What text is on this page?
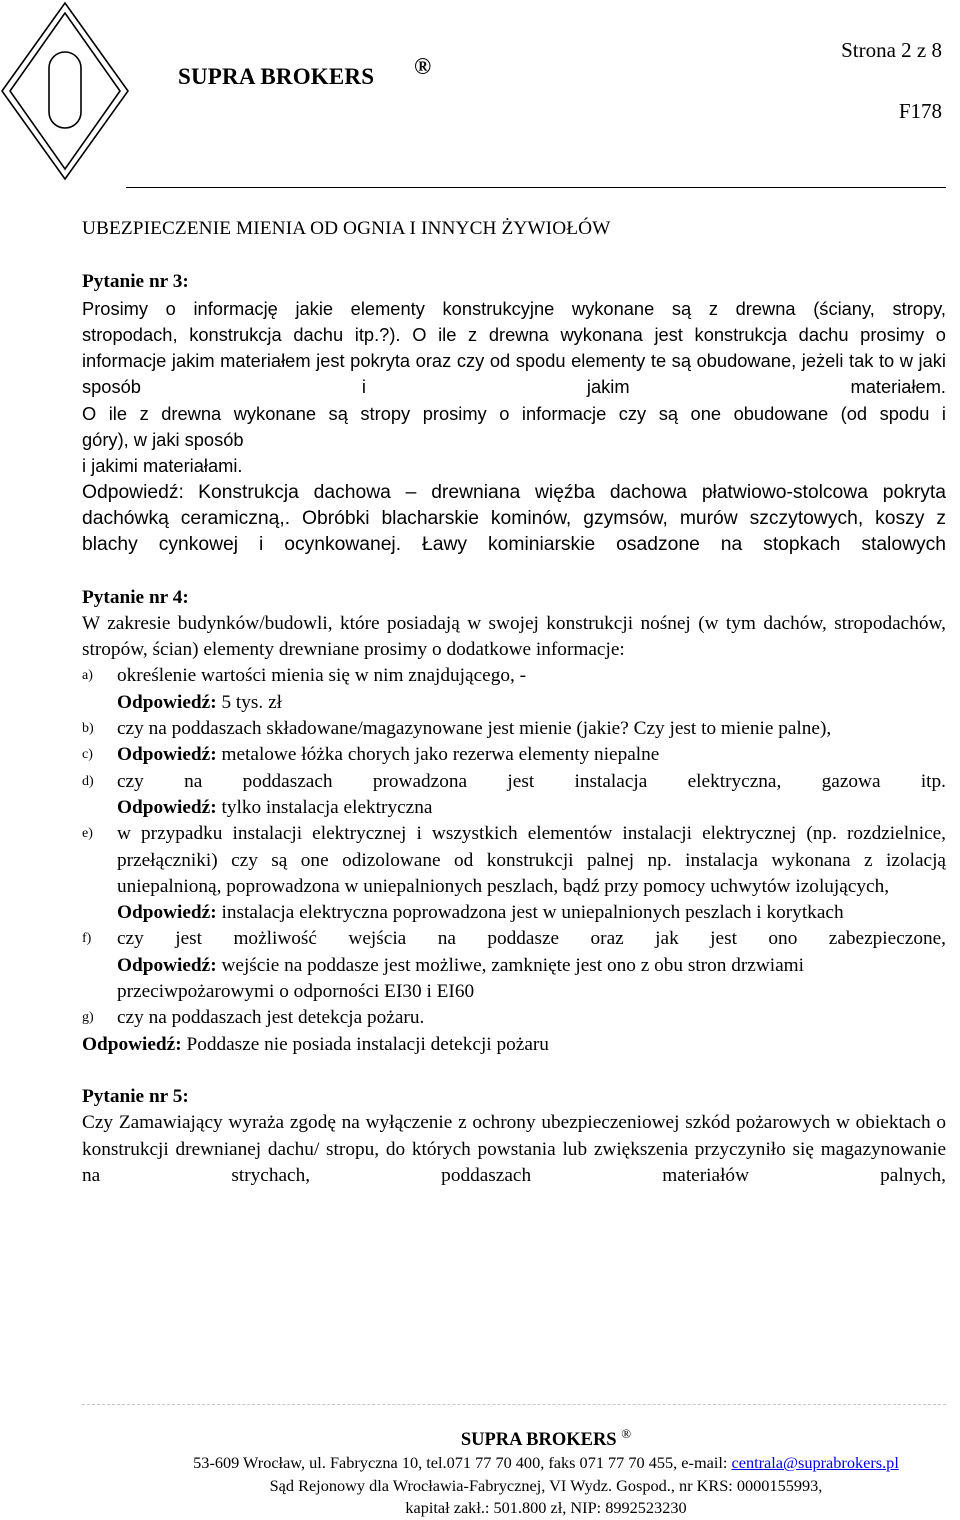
SUPRA BROKERS ®
Strona 2 z 8
F178

UBEZPIECZENIE MIENIA OD OGNIA I INNYCH ŻYWIOŁÓW

Pytanie nr 3:

Prosimy o informację jakie elementy konstrukcyjne wykonane są z drewna (ściany, stropy,

stropodach, konstrukcja dachu itp.?). O ile z drewna wykonana jest konstrukcja dachu prosimy o informacje jakim materiałem jest pokryta oraz czy od spodu elementy te są obudowane, jeżeli tak to w jaki sposób i jakim materiałem.

O ile z drewna wykonane są stropy prosimy o informacje czy są one obudowane (od spodu i

góry), w jaki sposób

i jakimi materiałami.

Odpowiedź: Konstrukcja dachowa – drewniana więźba dachowa płatwiowo-stolcowa pokryta dachówką ceramiczną,. Obróbki blacharskie kominów, gzymsów, murów szczytowych, koszy z blachy cynkowej i ocynkowanej. Ławy kominiarskie osadzone na stopkach stalowych

Pytanie nr 4:

W zakresie budynków/budowli, które posiadają w swojej konstrukcji nośnej (w tym dachów, stropodachów, stropów, ścian) elementy drewniane prosimy o dodatkowe informacje:

a) określenie wartości mienia się w nim znajdującego, -
Odpowiedź: 5 tys. zł
b) czy na poddaszach składowane/magazynowane jest mienie (jakie? Czy jest to mienie palne),
c) Odpowiedź: metalowe łóżka chorych jako rezerwa elementy niepalne
d) czy na poddaszach prowadzona jest instalacja elektryczna, gazowa itp.
Odpowiedź: tylko instalacja elektryczna
e) w przypadku instalacji elektrycznej i wszystkich elementów instalacji elektrycznej (np. rozdzielnice, przełączniki) czy są one odizolowane od konstrukcji palnej np. instalacja wykonana z izolacją uniepalnioną, poprowadzona w uniepalnionych peszlach, bądź przy pomocy uchwytów izolujących,
Odpowiedź: instalacja elektryczna poprowadzona jest w uniepalnionych peszlach i korytkach
f) czy jest możliwość wejścia na poddasze oraz jak jest ono zabezpieczone,
Odpowiedź: wejście na poddasze jest możliwe, zamknięte jest ono z obu stron drzwiami przeciwpożarowymi o odporności EI30 i EI60
g) czy na poddaszach jest detekcja pożaru.

Odpowiedź: Poddasze nie posiada instalacji detekcji pożaru

Pytanie nr 5:

Czy Zamawiający wyraża zgodę na wyłączenie z ochrony ubezpieczeniowej szkód pożarowych w obiektach o konstrukcji drewnianej dachu/ stropu, do których powstania lub zwiększenia przyczyniło się magazynowanie na strychach, poddaszach materiałów palnych,

SUPRA BROKERS ®
53-609 Wrocław, ul. Fabryczna 10, tel.071 77 70 400, faks 071 77 70 455, e-mail: centrala@suprabrokers.pl
Sąd Rejonowy dla Wrocławia-Fabrycznej, VI Wydz. Gospod., nr KRS: 0000155993,
kapitał zakł.: 501.800 zł, NIP: 8992523230
